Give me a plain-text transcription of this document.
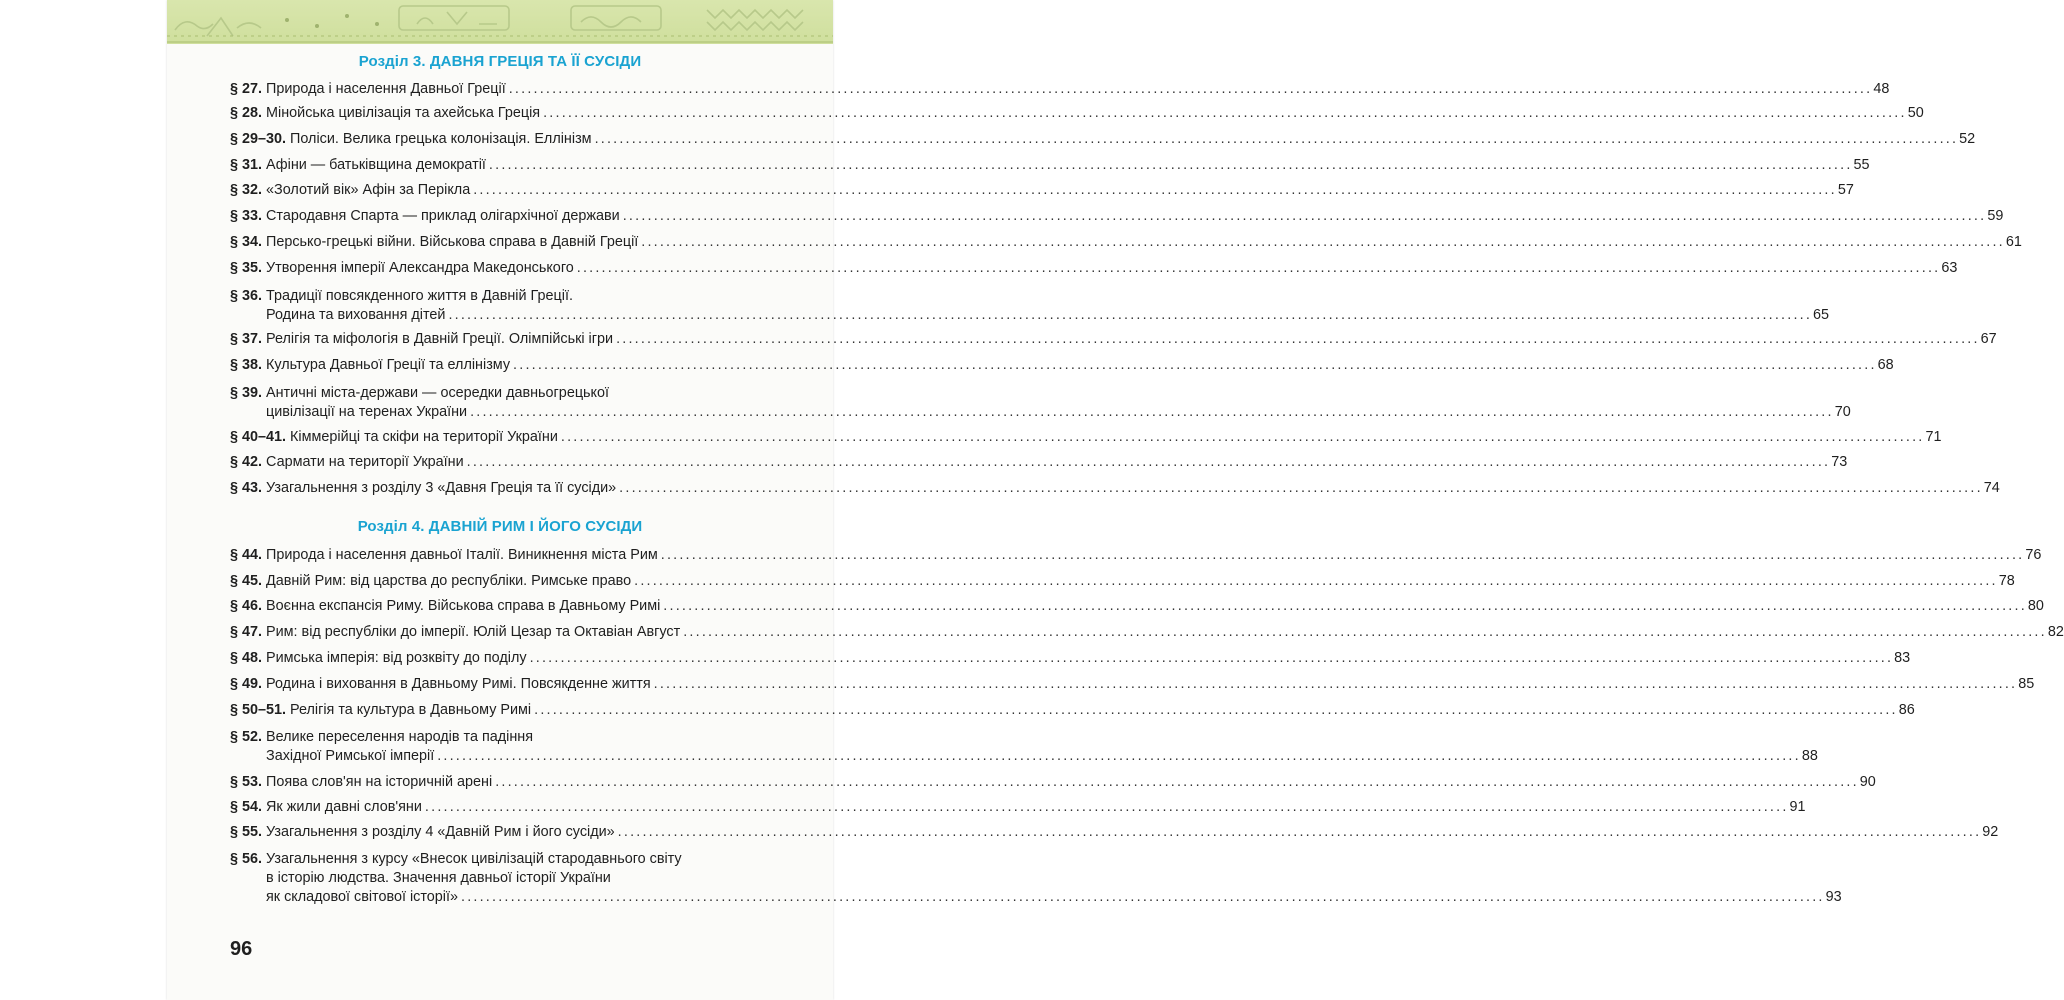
Розділ 3. ДАВНЯ ГРЕЦІЯ ТА ЇЇ СУСІДИ
Розділ 4. ДАВНІЙ РИМ І ЙОГО СУСІДИ
§ 27. Природа і населення Давньої Греції ............................................................................................................................................................................................................................ 48
§ 28. Мінойська цивілізація та ахейська Греція ............................................................................................................................................................................................................................ 50
§ 29–30. Поліси. Велика грецька колонізація. Еллінізм ............................................................................................................................................................................................................................ 52
§ 31. Афіни — батьківщина демократії ............................................................................................................................................................................................................................ 55
§ 32. «Золотий вік» Афін за Перікла ............................................................................................................................................................................................................................ 57
§ 33. Стародавня Спарта — приклад олігархічної держави ............................................................................................................................................................................................................................ 59
§ 34. Персько-грецькі війни. Військова справа в Давній Греції ............................................................................................................................................................................................................................ 61
§ 35. Утворення імперії Александра Македонського ............................................................................................................................................................................................................................ 63
§ 36. Традиції повсякденного життя в Давній Греції.
Родина та виховання дітей ............................................................................................................................................................................................................................ 65
§ 37. Релігія та міфологія в Давній Греції. Олімпійські ігри ............................................................................................................................................................................................................................ 67
§ 38. Культура Давньої Греції та еллінізму ............................................................................................................................................................................................................................ 68
§ 39. Античні міста-держави — осередки давньогрецької
цивілізації на теренах України ............................................................................................................................................................................................................................ 70
§ 40–41. Кіммерійці та скіфи на території України ............................................................................................................................................................................................................................ 71
§ 42. Сармати на території України ............................................................................................................................................................................................................................ 73
§ 43. Узагальнення з розділу 3 «Давня Греція та її сусіди» ............................................................................................................................................................................................................................ 74
§ 44. Природа і населення давньої Італії. Виникнення міста Рим ............................................................................................................................................................................................................................ 76
§ 45. Давній Рим: від царства до республіки. Римське право ............................................................................................................................................................................................................................ 78
§ 46. Воєнна експансія Риму. Військова справа в Давньому Римі ............................................................................................................................................................................................................................ 80
§ 47. Рим: від республіки до імперії. Юлій Цезар та Октавіан Август ............................................................................................................................................................................................................................ 82
§ 48. Римська імперія: від розквіту до поділу ............................................................................................................................................................................................................................ 83
§ 49. Родина і виховання в Давньому Римі. Повсякденне життя ............................................................................................................................................................................................................................ 85
§ 50–51. Релігія та культура в Давньому Римі ............................................................................................................................................................................................................................ 86
§ 52. Велике переселення народів та падіння
Західної Римської імперії ............................................................................................................................................................................................................................ 88
§ 53. Поява слов'ян на історичній арені ............................................................................................................................................................................................................................ 90
§ 54. Як жили давні слов'яни ............................................................................................................................................................................................................................ 91
§ 55. Узагальнення з розділу 4 «Давній Рим і його сусіди» ............................................................................................................................................................................................................................ 92
§ 56. Узагальнення з курсу «Внесок цивілізацій стародавнього світу
в історію людства. Значення давньої історії України
як складової світової історії» ............................................................................................................................................................................................................................ 93
96
